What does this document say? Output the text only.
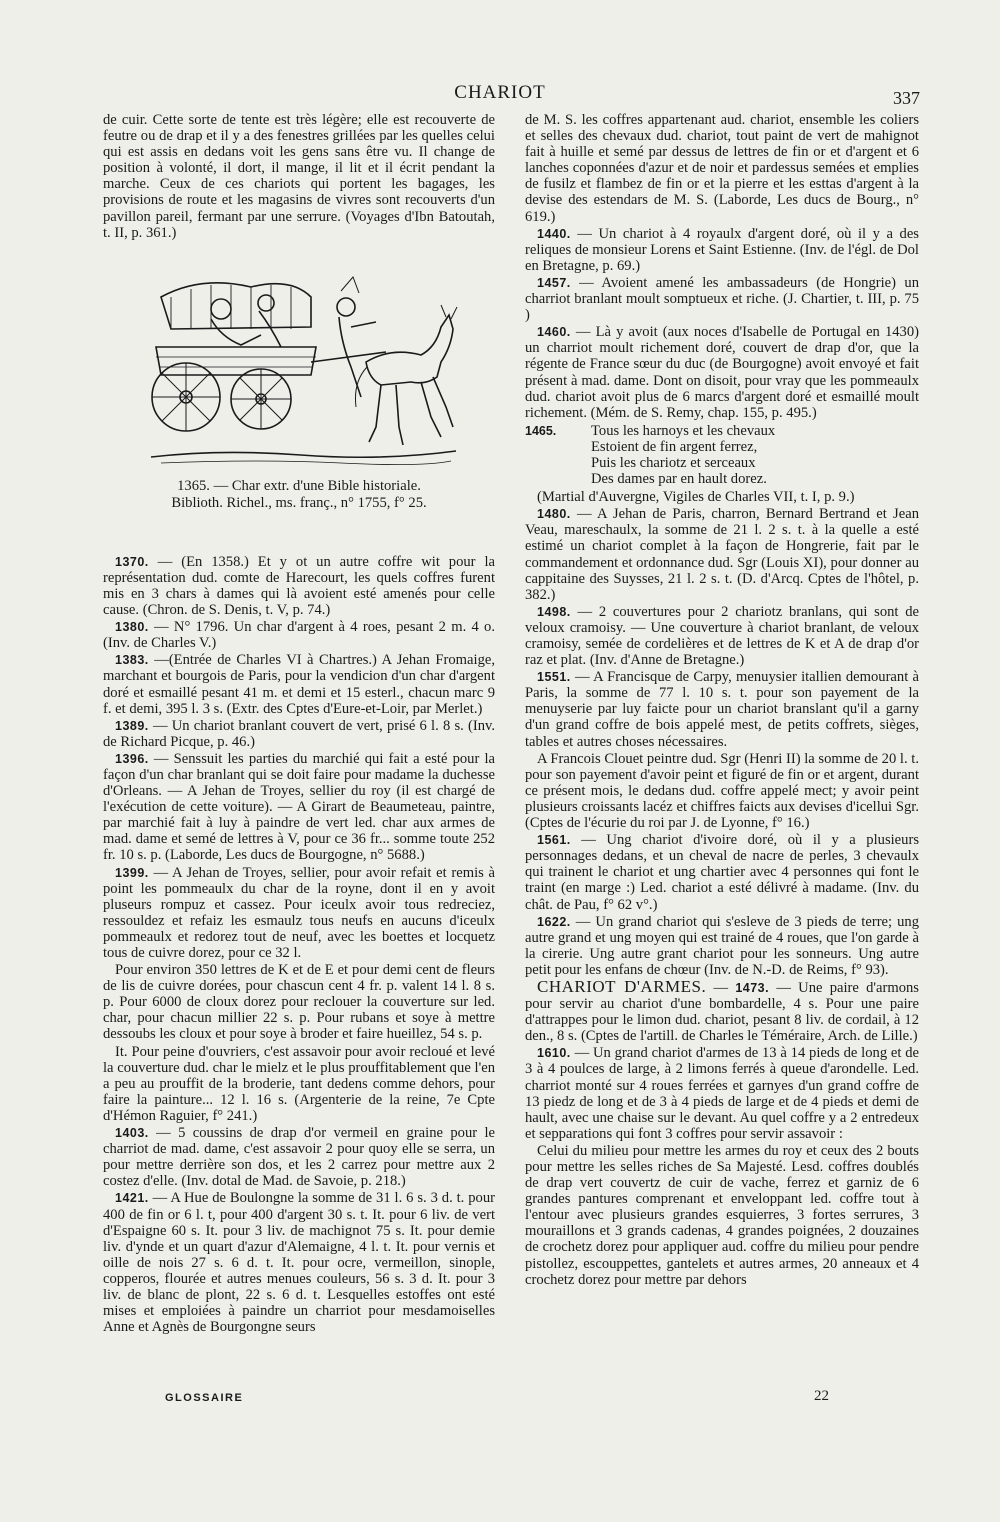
CHARIOT	337

de cuir. Cette sorte de tente est très légère; elle est recouverte de feutre ou de drap et il y a des fenestres grillées par les quelles celui qui est assis en dedans voit les gens sans être vu. Il change de position à volonté, il dort, il mange, il lit et il écrit pendant la marche. Ceux de ces chariots qui portent les bagages, les provisions de route et les magasins de vivres sont recouverts d'un pavillon pareil, fermant par une serrure. (Voyages d'Ibn Batoutah, t. II, p. 361.)

1365. — Char extr. d'une Bible historiale.
Biblioth. Richel., ms. franç., n° 1755, f° 25.

1370. — (En 1358.) Et y ot un autre coffre wit pour la représentation dud. comte de Harecourt, les quels coffres furent mis en 3 chars à dames qui là avoient esté amenés pour celle cause. (Chron. de S. Denis, t. V, p. 74.)

1380. — N° 1796. Un char d'argent à 4 roes, pesant 2 m. 4 o. (Inv. de Charles V.)

1383. —(Entrée de Charles VI à Chartres.) A Jehan Fromaige, marchant et bourgois de Paris, pour la vendicion d'un char d'argent doré et esmaillé pesant 41 m. et demi et 15 esterl., chacun marc 9 f. et demi, 395 l. 3 s. (Extr. des Cptes d'Eure-et-Loir, par Merlet.)

1389. — Un chariot branlant couvert de vert, prisé 6 l. 8 s. (Inv. de Richard Picque, p. 46.)

1396. — Senssuit les parties du marchié qui fait a esté pour la façon d'un char branlant qui se doit faire pour madame la duchesse d'Orleans. — A Jehan de Troyes, sellier du roy (il est chargé de l'exécution de cette voiture). — A Girart de Beaumeteau, paintre, par marchié fait à luy à paindre de vert led. char aux armes de mad. dame et semé de lettres à V, pour ce 36 fr... somme toute 252 fr. 10 s. p. (Laborde, Les ducs de Bourgogne, n° 5688.)

1399. — A Jehan de Troyes, sellier, pour avoir refait et remis à point les pommeaulx du char de la royne, dont il en y avoit pluseurs rompuz et cassez. Pour iceulx avoir tous redreciez, ressouldez et refaiz les esmaulz tous neufs en aucuns d'iceulx pommeaulx et redorez tout de neuf, avec les boettes et locquetz tous de cuivre dorez, pour ce 32 l.

Pour environ 350 lettres de K et de E et pour demi cent de fleurs de lis de cuivre dorées, pour chascun cent 4 fr. p. valent 14 l. 8 s. p. Pour 6000 de cloux dorez pour reclouer la couverture sur led. char, pour chacun millier 22 s. p. Pour rubans et soye à mettre dessoubs les cloux et pour soye à broder et faire hueillez, 54 s. p.

It. Pour peine d'ouvriers, c'est assavoir pour avoir recloué et levé la couverture dud. char le mielz et le plus prouffitablement que l'en a peu au prouffit de la broderie, tant dedens comme dehors, pour faire la painture... 12 l. 16 s. (Argenterie de la reine, 7e Cpte d'Hémon Raguier, f° 241.)

1403. — 5 coussins de drap d'or vermeil en graine pour le charriot de mad. dame, c'est assavoir 2 pour quoy elle se serra, un pour mettre derrière son dos, et les 2 carrez pour mettre aux 2 costez d'elle. (Inv. dotal de Mad. de Savoie, p. 218.)

1421. — A Hue de Boulongne la somme de 31 l. 6 s. 3 d. t. pour 400 de fin or 6 l. t, pour 400 d'argent 30 s. t. It. pour 6 liv. de vert d'Espaigne 60 s. It. pour 3 liv. de machignot 75 s. It. pour demie liv. d'ynde et un quart d'azur d'Alemaigne, 4 l. t. It. pour vernis et oille de nois 27 s. 6 d. t. It. pour ocre, vermeillon, sinople, copperos, flourée et autres menues couleurs, 56 s. 3 d. It. pour 3 liv. de blanc de plont, 22 s. 6 d. t. Lesquelles estoffes ont esté mises et emploiées à paindre un charriot pour mesdamoiselles Anne et Agnès de Bourgongne seurs

de M. S. les coffres appartenant aud. chariot, ensemble les coliers et selles des chevaux dud. chariot, tout paint de vert de mahignot fait à huille et semé par dessus de lettres de fin or et d'argent et 6 lanches coponnées d'azur et de noir et pardessus semées et emplies de fusilz et flambez de fin or et la pierre et les esttas d'argent à la devise des estendars de M. S. (Laborde, Les ducs de Bourg., n° 619.)

1440. — Un chariot à 4 royaulx d'argent doré, où il y a des reliques de monsieur Lorens et Saint Estienne. (Inv. de l'égl. de Dol en Bretagne, p. 69.)

1457. — Avoient amené les ambassadeurs (de Hongrie) un charriot branlant moult somptueux et riche. (J. Chartier, t. III, p. 75 )

1460. — Là y avoit (aux noces d'Isabelle de Portugal en 1430) un charriot moult richement doré, couvert de drap d'or, que la régente de France sœur du duc (de Bourgogne) avoit envoyé et fait présent à mad. dame. Dont on disoit, pour vray que les pommeaulx dud. chariot avoit plus de 6 marcs d'argent doré et esmaillé moult richement. (Mém. de S. Remy, chap. 155, p. 495.)

1465.	Tous les harnoys et les chevaux
Estoient de fin argent ferrez,
Puis les chariotz et serceaux
Des dames par en hault dorez.

(Martial d'Auvergne, Vigiles de Charles VII, t. I, p. 9.)

1480. — A Jehan de Paris, charron, Bernard Bertrand et Jean Veau, mareschaulx, la somme de 21 l. 2 s. t. à la quelle a esté estimé un chariot complet à la façon de Hongrerie, fait par le commandement et ordonnance dud. Sgr (Louis XI), pour donner au cappitaine des Suysses, 21 l. 2 s. t. (D. d'Arcq. Cptes de l'hôtel, p. 382.)

1498. — 2 couvertures pour 2 chariotz branlans, qui sont de veloux cramoisy. — Une couverture à chariot branlant, de veloux cramoisy, semée de cordelières et de lettres de K et A de drap d'or raz et plat. (Inv. d'Anne de Bretagne.)

1551. — A Francisque de Carpy, menuysier itallien demourant à Paris, la somme de 77 l. 10 s. t. pour son payement de la menuyserie par luy faicte pour un chariot branslant qu'il a garny d'un grand coffre de bois appelé mest, de petits coffrets, sièges, tables et autres choses nécessaires.

A Francois Clouet peintre dud. Sgr (Henri II) la somme de 20 l. t. pour son payement d'avoir peint et figuré de fin or et argent, durant ce présent mois, le dedans dud. coffre appelé mect; y avoir peint plusieurs croissants lacéz et chiffres faicts aux devises d'icellui Sgr. (Cptes de l'écurie du roi par J. de Lyonne, f° 16.)

1561. — Ung chariot d'ivoire doré, où il y a plusieurs personnages dedans, et un cheval de nacre de perles, 3 chevaulx qui trainent le chariot et ung chartier avec 4 personnes qui font le traint (en marge :) Led. chariot a esté délivré à madame. (Inv. du chât. de Pau, f° 62 v°.)

1622. — Un grand chariot qui s'esleve de 3 pieds de terre; ung autre grand et ung moyen qui est trainé de 4 roues, que l'on garde à la cirerie. Ung autre grant chariot pour les sonneurs. Ung autre petit pour les enfans de chœur (Inv. de N.-D. de Reims, f° 93).

CHARIOT D'ARMES. — 1473. — Une paire d'armons pour servir au chariot d'une bombardelle, 4 s. Pour une paire d'attrappes pour le limon dud. chariot, pesant 8 liv. de cordail, à 12 den., 8 s. (Cptes de l'artill. de Charles le Téméraire, Arch. de Lille.)

1610. — Un grand chariot d'armes de 13 à 14 pieds de long et de 3 à 4 poulces de large, à 2 limons ferrés à queue d'arondelle. Led. charriot monté sur 4 roues ferrées et garnyes d'un grand coffre de 13 piedz de long et de 3 à 4 pieds de large et de 4 pieds et demi de hault, avec une chaise sur le devant. Au quel coffre y a 2 entredeux et sepparations qui font 3 coffres pour servir assavoir :

Celui du milieu pour mettre les armes du roy et ceux des 2 bouts pour mettre les selles riches de Sa Majesté. Lesd. coffres doublés de drap vert couvertz de cuir de vache, ferrez et garniz de 6 grandes pantures comprenant et enveloppant led. coffre tout à l'entour avec plusieurs grandes esquierres, 3 fortes serrures, 3 mouraillons et 3 grands cadenas, 4 grandes poignées, 2 douzaines de crochetz dorez pour appliquer aud. coffre du milieu pour pendre pistollez, escouppettes, gantelets et autres armes, 20 anneaux et 4 crochetz dorez pour mettre par dehors

GLOSSAIRE	22
